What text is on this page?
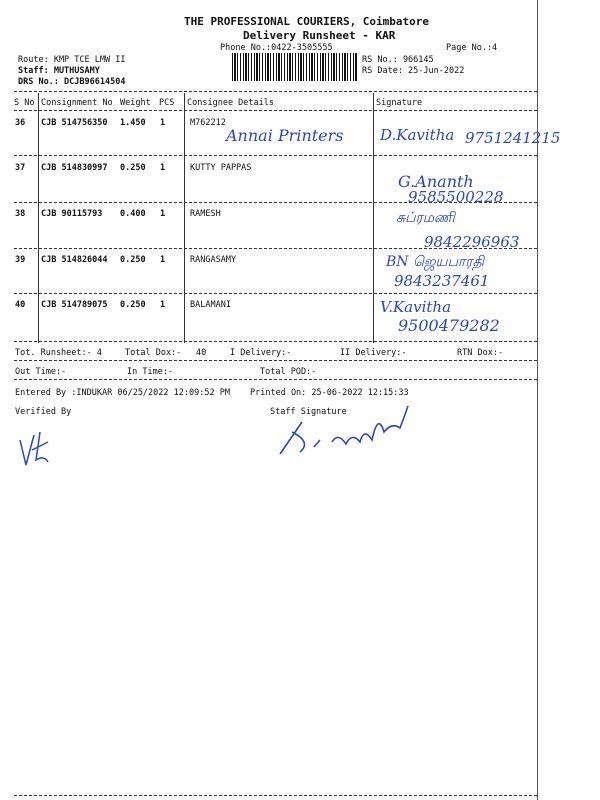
THE PROFESSIONAL COURIERS, Coimbatore
Delivery Runsheet - KAR
Phone No.:0422-3505555	Page No.:4
Route: KMP TCE LMW II
Staff: MUTHUSAMY
DRS No.: DCJB96614504
RS No.: 966145
RS Date: 25-Jun-2022
S No Consignment No Weight PCS Consignee Details	Signature
36 CJB 514756350 1.450 1	M762212
Annai Printers D.Kavitha 9751241215
37 CJB 514830997 0.250 1	KUTTY PAPPAS
G.Ananth
9585500228
38 CJB 90115793 0.400 1	RAMESH	சுப்ரமணி
9842296963
39 CJB 514826044 0.250 1	RANGASAMY	BN ஜெயபாரதி
9843237461
40 CJB 514789075 0.250 1	BALAMANI	V.Kavitha
9500479282
Tot. Runsheet:- 4	Total Dox:- 40	I Delivery:-	II Delivery:-	RTN Dox:-
Out Time:-	In Time:-	Total POD:-
Entered By :INDUKAR 06/25/2022 12:09:52 PM Printed On: 25-06-2022 12:15:33
Verified By	Staff Signature
